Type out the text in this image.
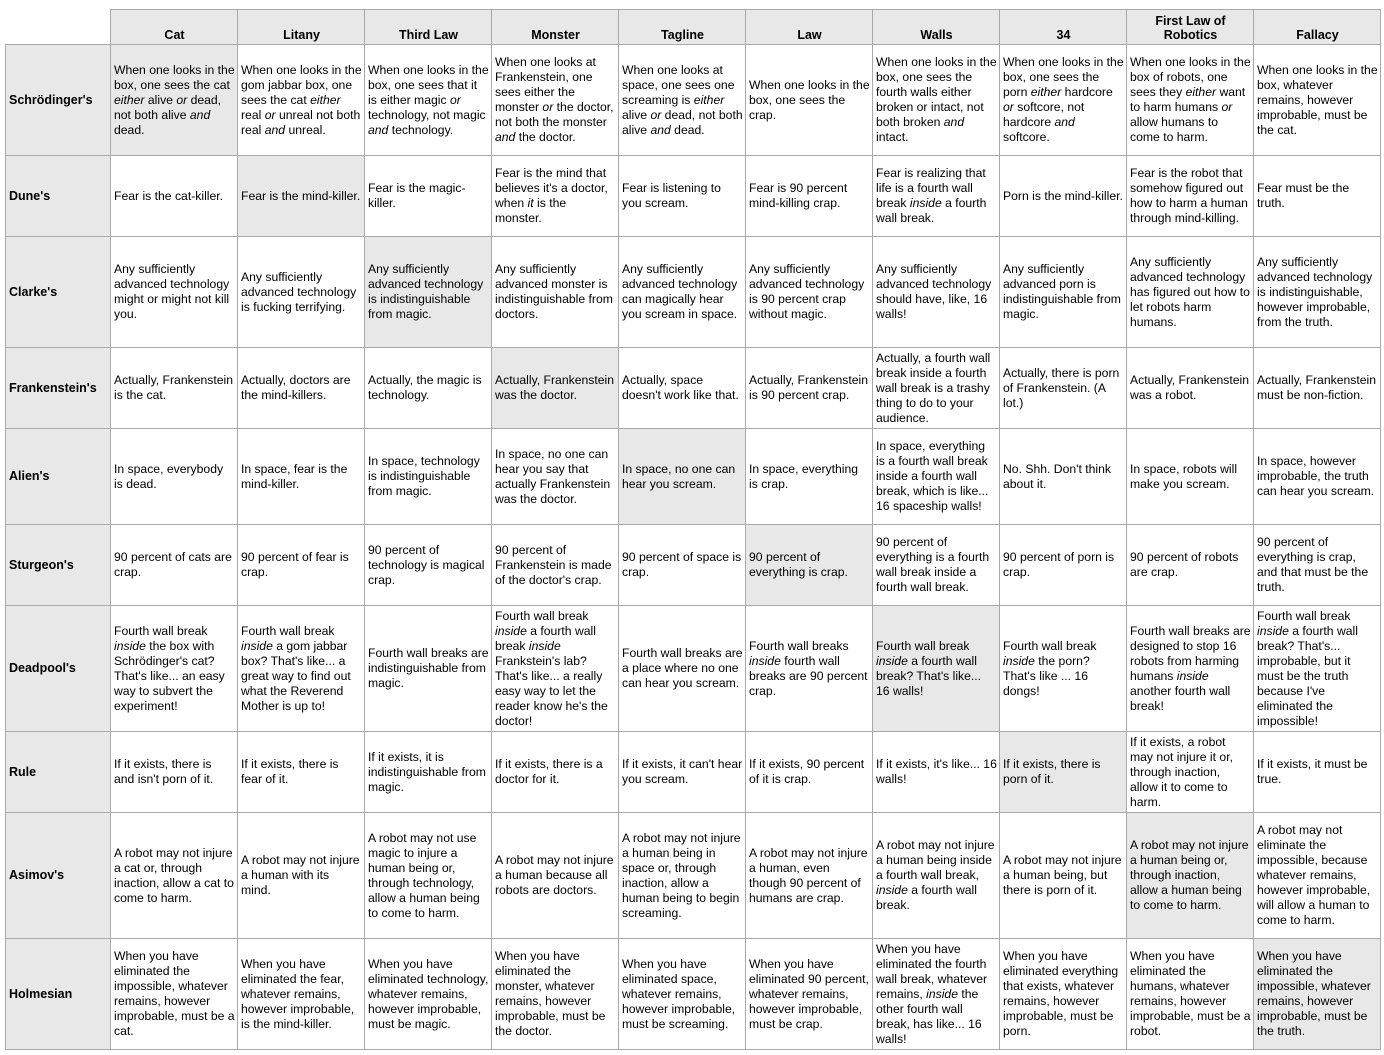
	Cat	Litany	Third Law	Monster	Tagline	Law	Walls	34	First Law of Robotics	Fallacy
Schrödinger's	When one looks in the box, one sees the cat either alive or dead, not both alive and dead.	When one looks in the gom jabbar box, one sees the cat either real or unreal not both real and unreal.	When one looks in the box, one sees that it is either magic or technology, not magic and technology.	When one looks at Frankenstein, one sees either the monster or the doctor, not both the monster and the doctor.	When one looks at space, one sees one screaming is either alive or dead, not both alive and dead.	When one looks in the box, one sees the crap.	When one looks in the box, one sees the fourth walls either broken or intact, not both broken and intact.	When one looks in the box, one sees the porn either hardcore or softcore, not hardcore and softcore.	When one looks in the box of robots, one sees they either want to harm humans or allow humans to come to harm.	When one looks in the box, whatever remains, however improbable, must be the cat.
Dune's	Fear is the cat-killer.	Fear is the mind-killer.	Fear is the magic-killer.	Fear is the mind that believes it's a doctor, when it is the monster.	Fear is listening to you scream.	Fear is 90 percent mind-killing crap.	Fear is realizing that life is a fourth wall break inside a fourth wall break.	Porn is the mind-killer.	Fear is the robot that somehow figured out how to harm a human through mind-killing.	Fear must be the truth.
Clarke's	Any sufficiently advanced technology might or might not kill you.	Any sufficiently advanced technology is fucking terrifying.	Any sufficiently advanced technology is indistinguishable from magic.	Any sufficiently advanced monster is indistinguishable from doctors.	Any sufficiently advanced technology can magically hear you scream in space.	Any sufficiently advanced technology is 90 percent crap without magic.	Any sufficiently advanced technology should have, like, 16 walls!	Any sufficiently advanced porn is indistinguishable from magic.	Any sufficiently advanced technology has figured out how to let robots harm humans.	Any sufficiently advanced technology is indistinguishable, however improbable, from the truth.
Frankenstein's	Actually, Frankenstein is the cat.	Actually, doctors are the mind-killers.	Actually, the magic is technology.	Actually, Frankenstein was the doctor.	Actually, space doesn't work like that.	Actually, Frankenstein is 90 percent crap.	Actually, a fourth wall break inside a fourth wall break is a trashy thing to do to your audience.	Actually, there is porn of Frankenstein. (A lot.)	Actually, Frankenstein was a robot.	Actually, Frankenstein must be non-fiction.
Alien's	In space, everybody is dead.	In space, fear is the mind-killer.	In space, technology is indistinguishable from magic.	In space, no one can hear you say that actually Frankenstein was the doctor.	In space, no one can hear you scream.	In space, everything is crap.	In space, everything is a fourth wall break inside a fourth wall break, which is like... 16 spaceship walls!	No. Shh. Don't think about it.	In space, robots will make you scream.	In space, however improbable, the truth can hear you scream.
Sturgeon's	90 percent of cats are crap.	90 percent of fear is crap.	90 percent of technology is magical crap.	90 percent of Frankenstein is made of the doctor's crap.	90 percent of space is crap.	90 percent of everything is crap.	90 percent of everything is a fourth wall break inside a fourth wall break.	90 percent of porn is crap.	90 percent of robots are crap.	90 percent of everything is crap, and that must be the truth.
Deadpool's	Fourth wall break inside the box with Schrödinger's cat? That's like... an easy way to subvert the experiment!	Fourth wall break inside a gom jabbar box? That's like... a great way to find out what the Reverend Mother is up to!	Fourth wall breaks are indistinguishable from magic.	Fourth wall break inside a fourth wall break inside Frankstein's lab? That's like... a really easy way to let the reader know he's the doctor!	Fourth wall breaks are a place where no one can hear you scream.	Fourth wall breaks inside fourth wall breaks are 90 percent crap.	Fourth wall break inside a fourth wall break? That's like... 16 walls!	Fourth wall break inside the porn? That's like ... 16 dongs!	Fourth wall breaks are designed to stop 16 robots from harming humans inside another fourth wall break!	Fourth wall break inside a fourth wall break? That's... improbable, but it must be the truth because I've eliminated the impossible!
Rule	If it exists, there is and isn't porn of it.	If it exists, there is fear of it.	If it exists, it is indistinguishable from magic.	If it exists, there is a doctor for it.	If it exists, it can't hear you scream.	If it exists, 90 percent of it is crap.	If it exists, it's like... 16 walls!	If it exists, there is porn of it.	If it exists, a robot may not injure it or, through inaction, allow it to come to harm.	If it exists, it must be true.
Asimov's	A robot may not injure a cat or, through inaction, allow a cat to come to harm.	A robot may not injure a human with its mind.	A robot may not use magic to injure a human being or, through technology, allow a human being to come to harm.	A robot may not injure a human because all robots are doctors.	A robot may not injure a human being in space or, through inaction, allow a human being to begin screaming.	A robot may not injure a human, even though 90 percent of humans are crap.	A robot may not injure a human being inside a fourth wall break, inside a fourth wall break.	A robot may not injure a human being, but there is porn of it.	A robot may not injure a human being or, through inaction, allow a human being to come to harm.	A robot may not eliminate the impossible, because whatever remains, however improbable, will allow a human to come to harm.
Holmesian	When you have eliminated the impossible, whatever remains, however improbable, must be a cat.	When you have eliminated the fear, whatever remains, however improbable, is the mind-killer.	When you have eliminated technology, whatever remains, however improbable, must be magic.	When you have eliminated the monster, whatever remains, however improbable, must be the doctor.	When you have eliminated space, whatever remains, however improbable, must be screaming.	When you have eliminated 90 percent, whatever remains, however improbable, must be crap.	When you have eliminated the fourth wall break, whatever remains, inside the other fourth wall break, has like... 16 walls!	When you have eliminated everything that exists, whatever remains, however improbable, must be porn.	When you have eliminated the humans, whatever remains, however improbable, must be a robot.	When you have eliminated the impossible, whatever remains, however improbable, must be the truth.
